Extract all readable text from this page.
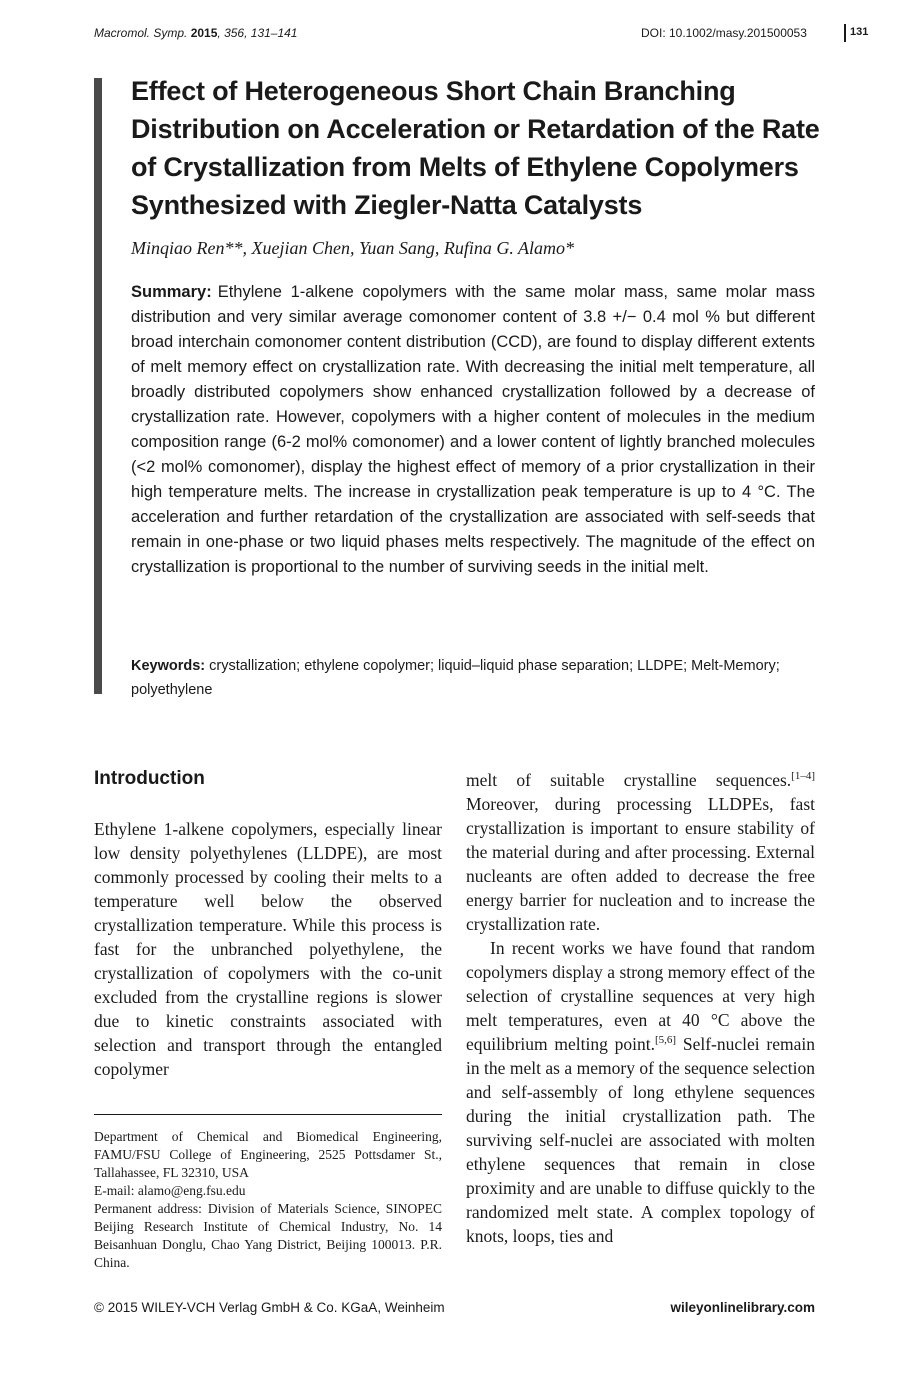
Macromol. Symp. 2015, 356, 131–141	DOI: 10.1002/masy.201500053	131
Effect of Heterogeneous Short Chain Branching Distribution on Acceleration or Retardation of the Rate of Crystallization from Melts of Ethylene Copolymers Synthesized with Ziegler-Natta Catalysts
Minqiao Ren**, Xuejian Chen, Yuan Sang, Rufina G. Alamo*

Summary: Ethylene 1-alkene copolymers with the same molar mass, same molar mass distribution and very similar average comonomer content of 3.8 +/− 0.4 mol % but different broad interchain comonomer content distribution (CCD), are found to display different extents of melt memory effect on crystallization rate. With decreasing the initial melt temperature, all broadly distributed copolymers show enhanced crystallization followed by a decrease of crystallization rate. However, copolymers with a higher content of molecules in the medium composition range (6-2 mol% comonomer) and a lower content of lightly branched molecules (<2 mol% comonomer), display the highest effect of memory of a prior crystallization in their high temperature melts. The increase in crystallization peak temperature is up to 4 °C. The acceleration and further retardation of the crystallization are associated with self-seeds that remain in one-phase or two liquid phases melts respectively. The magnitude of the effect on crystallization is proportional to the number of surviving seeds in the initial melt.

Keywords: crystallization; ethylene copolymer; liquid–liquid phase separation; LLDPE; Melt-Memory; polyethylene

Introduction

Ethylene 1-alkene copolymers, especially linear low density polyethylenes (LLDPE), are most commonly processed by cooling their melts to a temperature well below the observed crystallization temperature. While this process is fast for the unbranched polyethylene, the crystallization of copolymers with the co-unit excluded from the crystalline regions is slower due to kinetic constraints associated with selection and transport through the entangled copolymer

melt of suitable crystalline sequences.[1–4] Moreover, during processing LLDPEs, fast crystallization is important to ensure stability of the material during and after processing. External nucleants are often added to decrease the free energy barrier for nucleation and to increase the crystallization rate.

In recent works we have found that random copolymers display a strong memory effect of the selection of crystalline sequences at very high melt temperatures, even at 40 °C above the equilibrium melting point.[5,6] Self-nuclei remain in the melt as a memory of the sequence selection and self-assembly of long ethylene sequences during the initial crystallization path. The surviving self-nuclei are associated with molten ethylene sequences that remain in close proximity and are unable to diffuse quickly to the randomized melt state. A complex topology of knots, loops, ties and

Department of Chemical and Biomedical Engineering, FAMU/FSU College of Engineering, 2525 Pottsdamer St., Tallahassee, FL 32310, USA
E-mail: alamo@eng.fsu.edu
Permanent address: Division of Materials Science, SINOPEC Beijing Research Institute of Chemical Industry, No. 14 Beisanhuan Donglu, Chao Yang District, Beijing 100013. P.R. China.
© 2015 WILEY-VCH Verlag GmbH & Co. KGaA, Weinheim	wileyonlinelibrary.com
